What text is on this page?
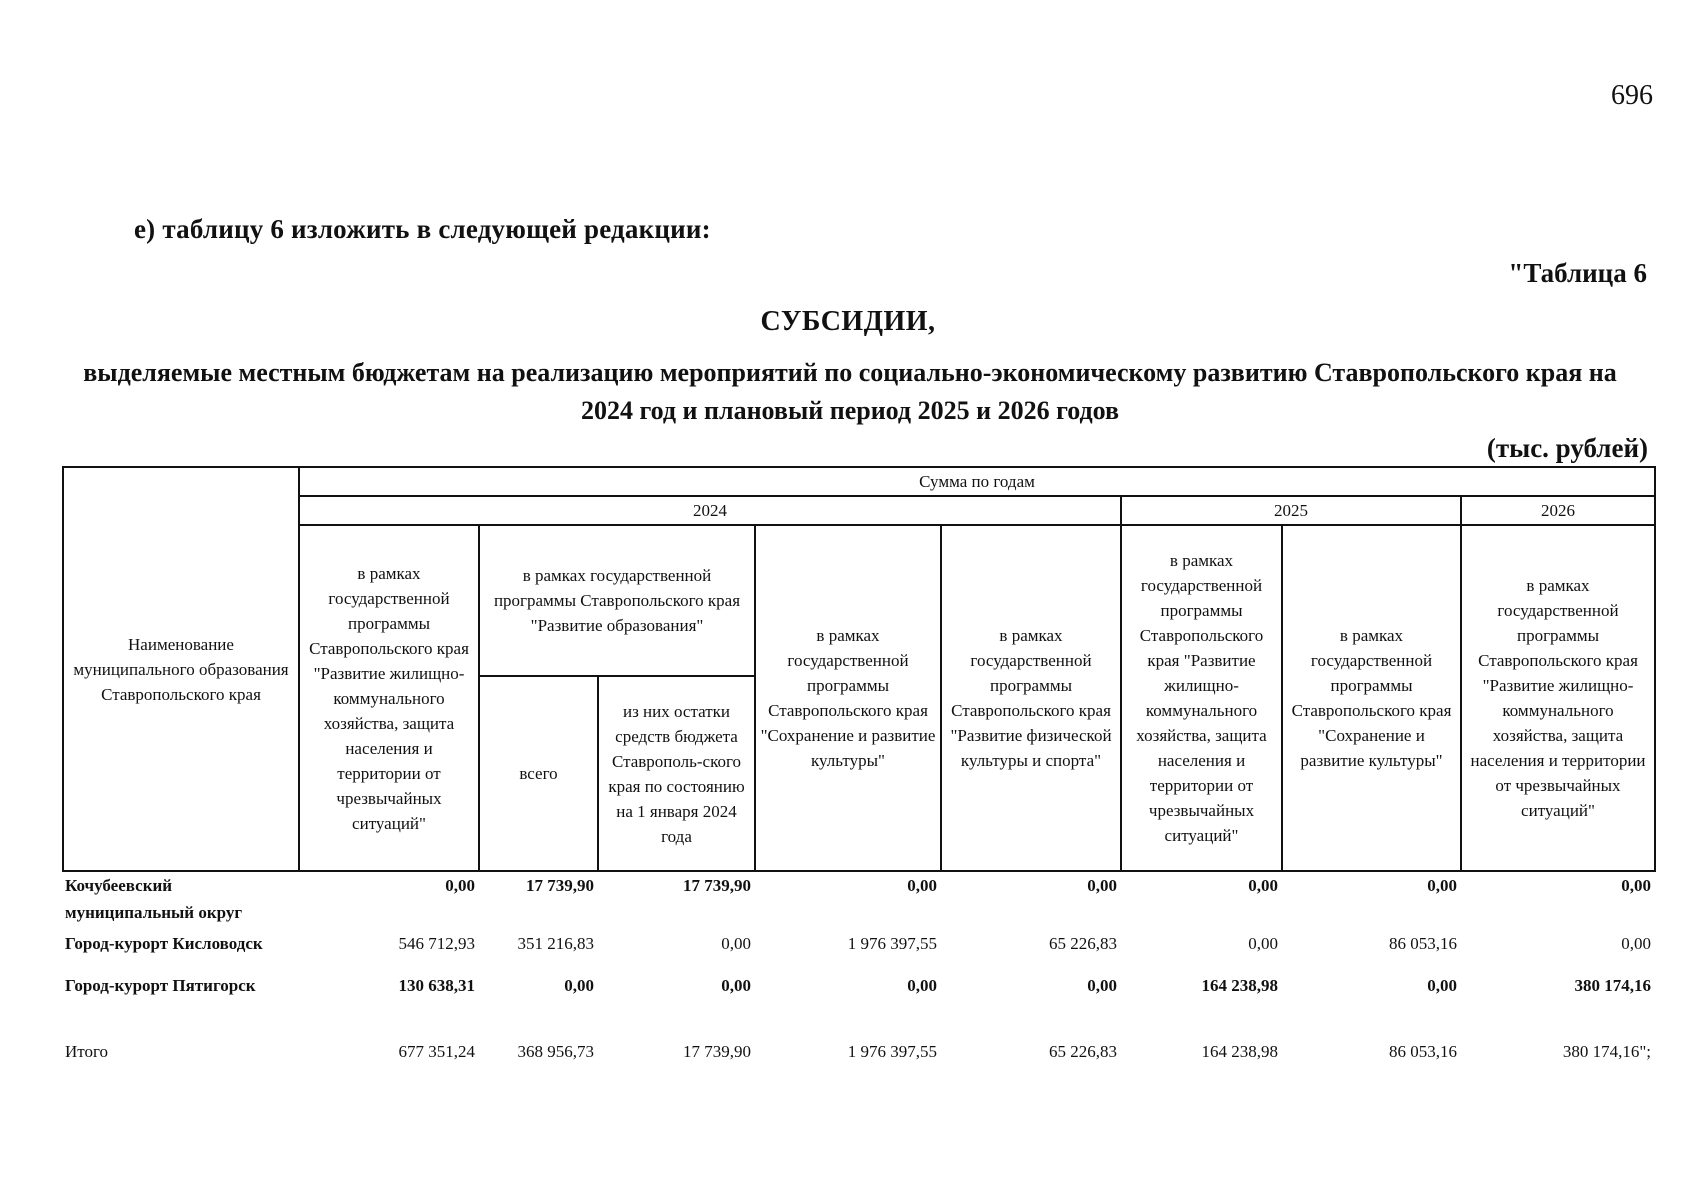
696
е) таблицу 6 изложить в следующей редакции:
"Таблица 6
СУБСИДИИ,
выделяемые местным бюджетам на реализацию мероприятий по социально-экономическому развитию Ставропольского края на 2024 год и плановый период 2025 и 2026 годов
(тыс. рублей)
Наименование муниципального образования Ставропольского края	Сумма по годам							
	2024					2025		2026
	в рамках государственной программы Ставропольского края "Развитие жилищно-коммунального хозяйства, защита населения и территории от чрезвычайных ситуаций"	в рамках государственной программы Ставропольского края "Развитие образования"		в рамках государственной программы Ставропольского края "Сохранение и развитие культуры"	в рамках государственной программы Ставропольского края "Развитие физической культуры и спорта"	в рамках государственной программы Ставропольского края "Развитие жилищно-коммунального хозяйства, защита населения и территории от чрезвычайных ситуаций"	в рамках государственной программы Ставропольского края "Сохранение и развитие культуры"	в рамках государственной программы Ставропольского края "Развитие жилищно-коммунального хозяйства, защита населения и территории от чрезвычайных ситуаций"
		всего	из них остатки средств бюджета Ставрополь-ского края по состоянию на 1 января 2024 года					
Кочубеевский муниципальный округ	0,00	17 739,90	17 739,90	0,00	0,00	0,00	0,00	0,00
Город-курорт Кисловодск	546 712,93	351 216,83	0,00	1 976 397,55	65 226,83	0,00	86 053,16	0,00
Город-курорт Пятигорск	130 638,31	0,00	0,00	0,00	0,00	164 238,98	0,00	380 174,16
Итого	677 351,24	368 956,73	17 739,90	1 976 397,55	65 226,83	164 238,98	86 053,16	380 174,16";
